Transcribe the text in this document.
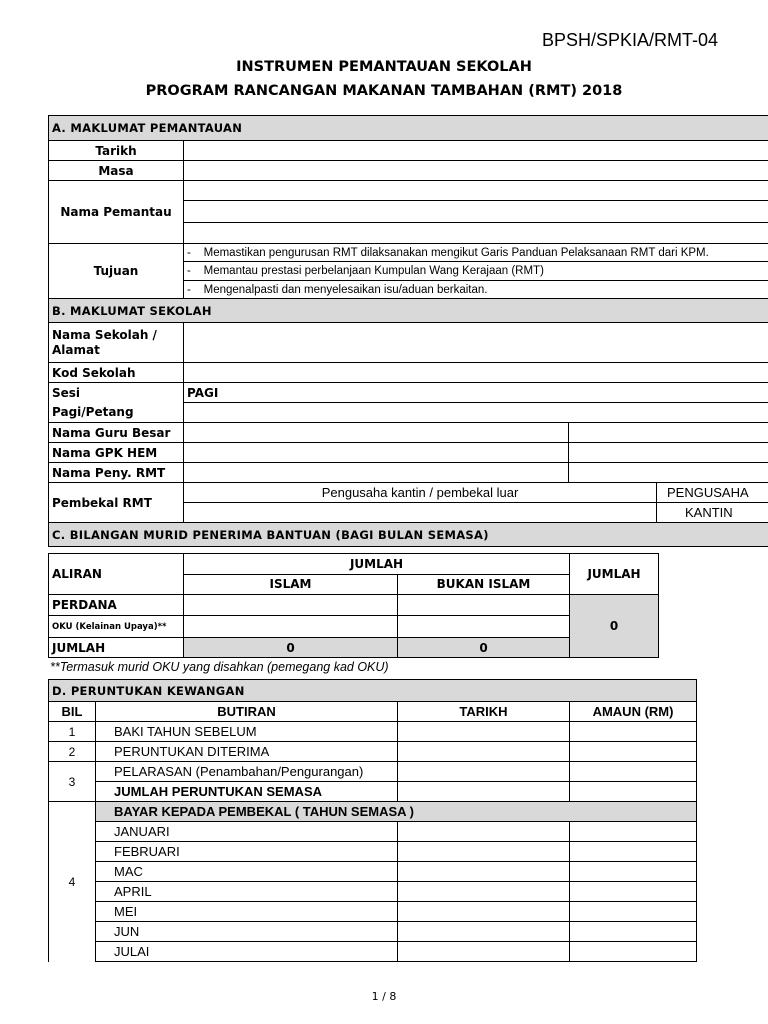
BPSH/SPKIA/RMT-04
INSTRUMEN PEMANTAUAN SEKOLAH
PROGRAM RANCANGAN MAKANAN TAMBAHAN (RMT) 2018
A. MAKLUMAT PEMANTAUAN			
Tarikh			
Masa			
Nama Pemantau			

Tujuan	- Memastikan pengurusan RMT dilaksanakan mengikut Garis Panduan Pelaksanaan RMT dari KPM.		
	- Memantau prestasi perbelanjaan Kumpulan Wang Kerajaan (RMT)		
	- Mengenalpasti dan menyelesaikan isu/aduan berkaitan.		
B. MAKLUMAT SEKOLAH			
Nama Sekolah /
Alamat			
Kod Sekolah			
Sesi	PAGI		
Pagi/Petang			
Nama Guru Besar			
Nama GPK HEM			
Nama Peny. RMT			
Pembekal RMT	Pengusaha kantin / pembekal luar		PENGUSAHA
			KANTIN
C. BILANGAN MURID PENERIMA BANTUAN (BAGI BULAN SEMASA)			
ALIRAN	JUMLAH		JUMLAH
	ISLAM	BUKAN ISLAM	
PERDANA			0
OKU (Kelainan Upaya)**			
JUMLAH	0	0	
**Termasuk murid OKU yang disahkan (pemegang kad OKU)
D. PERUNTUKAN KEWANGAN			
BIL	BUTIRAN	TARIKH	AMAUN (RM)
1	BAKI TAHUN SEBELUM		
2	PERUNTUKAN DITERIMA		
3	PELARASAN (Penambahan/Pengurangan)		
	JUMLAH PERUNTUKAN SEMASA		
4	BAYAR KEPADA PEMBEKAL ( TAHUN SEMASA )		
	JANUARI		
	FEBRUARI		
	MAC		
	APRIL		
	MEI		
	JUN		
	JULAI		
1 / 8
